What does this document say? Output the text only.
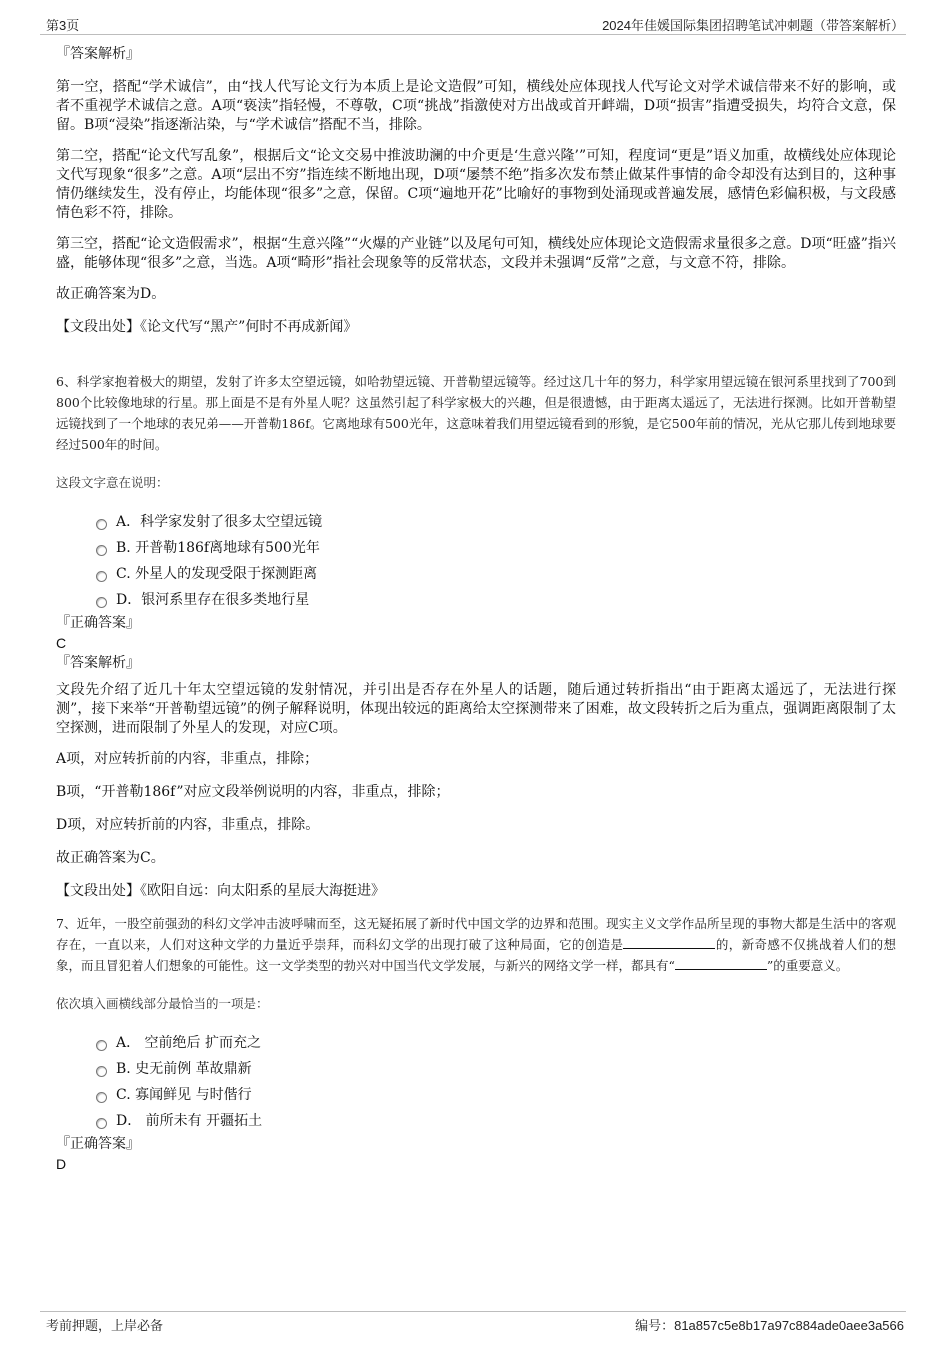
第3页	2024年佳媛国际集团招聘笔试冲刺题（带答案解析）

『答案解析』

第一空，搭配“学术诚信”，由“找人代写论文行为本质上是论文造假”可知，横线处应体现找人代写论文对学术诚信带来不好的影响，或者不重视学术诚信之意。A项“亵渎”指轻慢，不尊敬，C项“挑战”指激使对方出战或首开衅端，D项“损害”指遭受损失，均符合文意，保留。B项“浸染”指逐渐沾染，与“学术诚信”搭配不当，排除。

第二空，搭配“论文代写乱象”，根据后文“论文交易中推波助澜的中介更是‘生意兴隆’”可知，程度词“更是”语义加重，故横线处应体现论文代写现象“很多”之意。A项“层出不穷”指连续不断地出现，D项“屡禁不绝”指多次发布禁止做某件事情的命令却没有达到目的，这种事情仍继续发生，没有停止，均能体现“很多”之意，保留。C项“遍地开花”比喻好的事物到处涌现或普遍发展，感情色彩偏积极，与文段感情色彩不符，排除。

第三空，搭配“论文造假需求”，根据“生意兴隆”“火爆的产业链”以及尾句可知，横线处应体现论文造假需求量很多之意。D项“旺盛”指兴盛，能够体现“很多”之意，当选。A项“畸形”指社会现象等的反常状态，文段并未强调“反常”之意，与文意不符，排除。

故正确答案为D。

【文段出处】《论文代写“黑产”何时不再成新闻》

6、科学家抱着极大的期望，发射了许多太空望远镜，如哈勃望远镜、开普勒望远镜等。经过这几十年的努力，科学家用望远镜在银河系里找到了700到800个比较像地球的行星。那上面是不是有外星人呢？这虽然引起了科学家极大的兴趣，但是很遗憾，由于距离太遥远了，无法进行探测。比如开普勒望远镜找到了一个地球的表兄弟——开普勒186f。它离地球有500光年，这意味着我们用望远镜看到的形貌，是它500年前的情况，光从它那儿传到地球要经过500年的时间。

这段文字意在说明：

A．科学家发射了很多太空望远镜
B. 开普勒186f离地球有500光年
C. 外星人的发现受限于探测距离
D．银河系里存在很多类地行星

『正确答案』

C

『答案解析』

文段先介绍了近几十年太空望远镜的发射情况，并引出是否存在外星人的话题，随后通过转折指出“由于距离太遥远了，无法进行探测”，接下来举“开普勒望远镜”的例子解释说明，体现出较远的距离给太空探测带来了困难，故文段转折之后为重点，强调距离限制了太空探测，进而限制了外星人的发现，对应C项。

A项，对应转折前的内容，非重点，排除；

B项，“开普勒186f”对应文段举例说明的内容，非重点，排除；

D项，对应转折前的内容，非重点，排除。

故正确答案为C。

【文段出处】《欧阳自远：向太阳系的星辰大海挺进》

7、近年，一股空前强劲的科幻文学冲击波呼啸而至，这无疑拓展了新时代中国文学的边界和范围。现实主义文学作品所呈现的事物大都是生活中的客观存在，一直以来，人们对这种文学的力量近乎崇拜，而科幻文学的出现打破了这种局面，它的创造是	的，新奇感不仅挑战着人们的想象，而且冒犯着人们想象的可能性。这一文学类型的勃兴对中国当代文学发展，与新兴的网络文学一样，都具有“	”的重要意义。

依次填入画横线部分最恰当的一项是：

A． 空前绝后 扩而充之
B. 史无前例 革故鼎新
C. 寡闻鲜见 与时偕行
D． 前所未有 开疆拓土

『正确答案』

D

考前押题，上岸必备	编号：81a857c5e8b17a97c884ade0aee3a566
